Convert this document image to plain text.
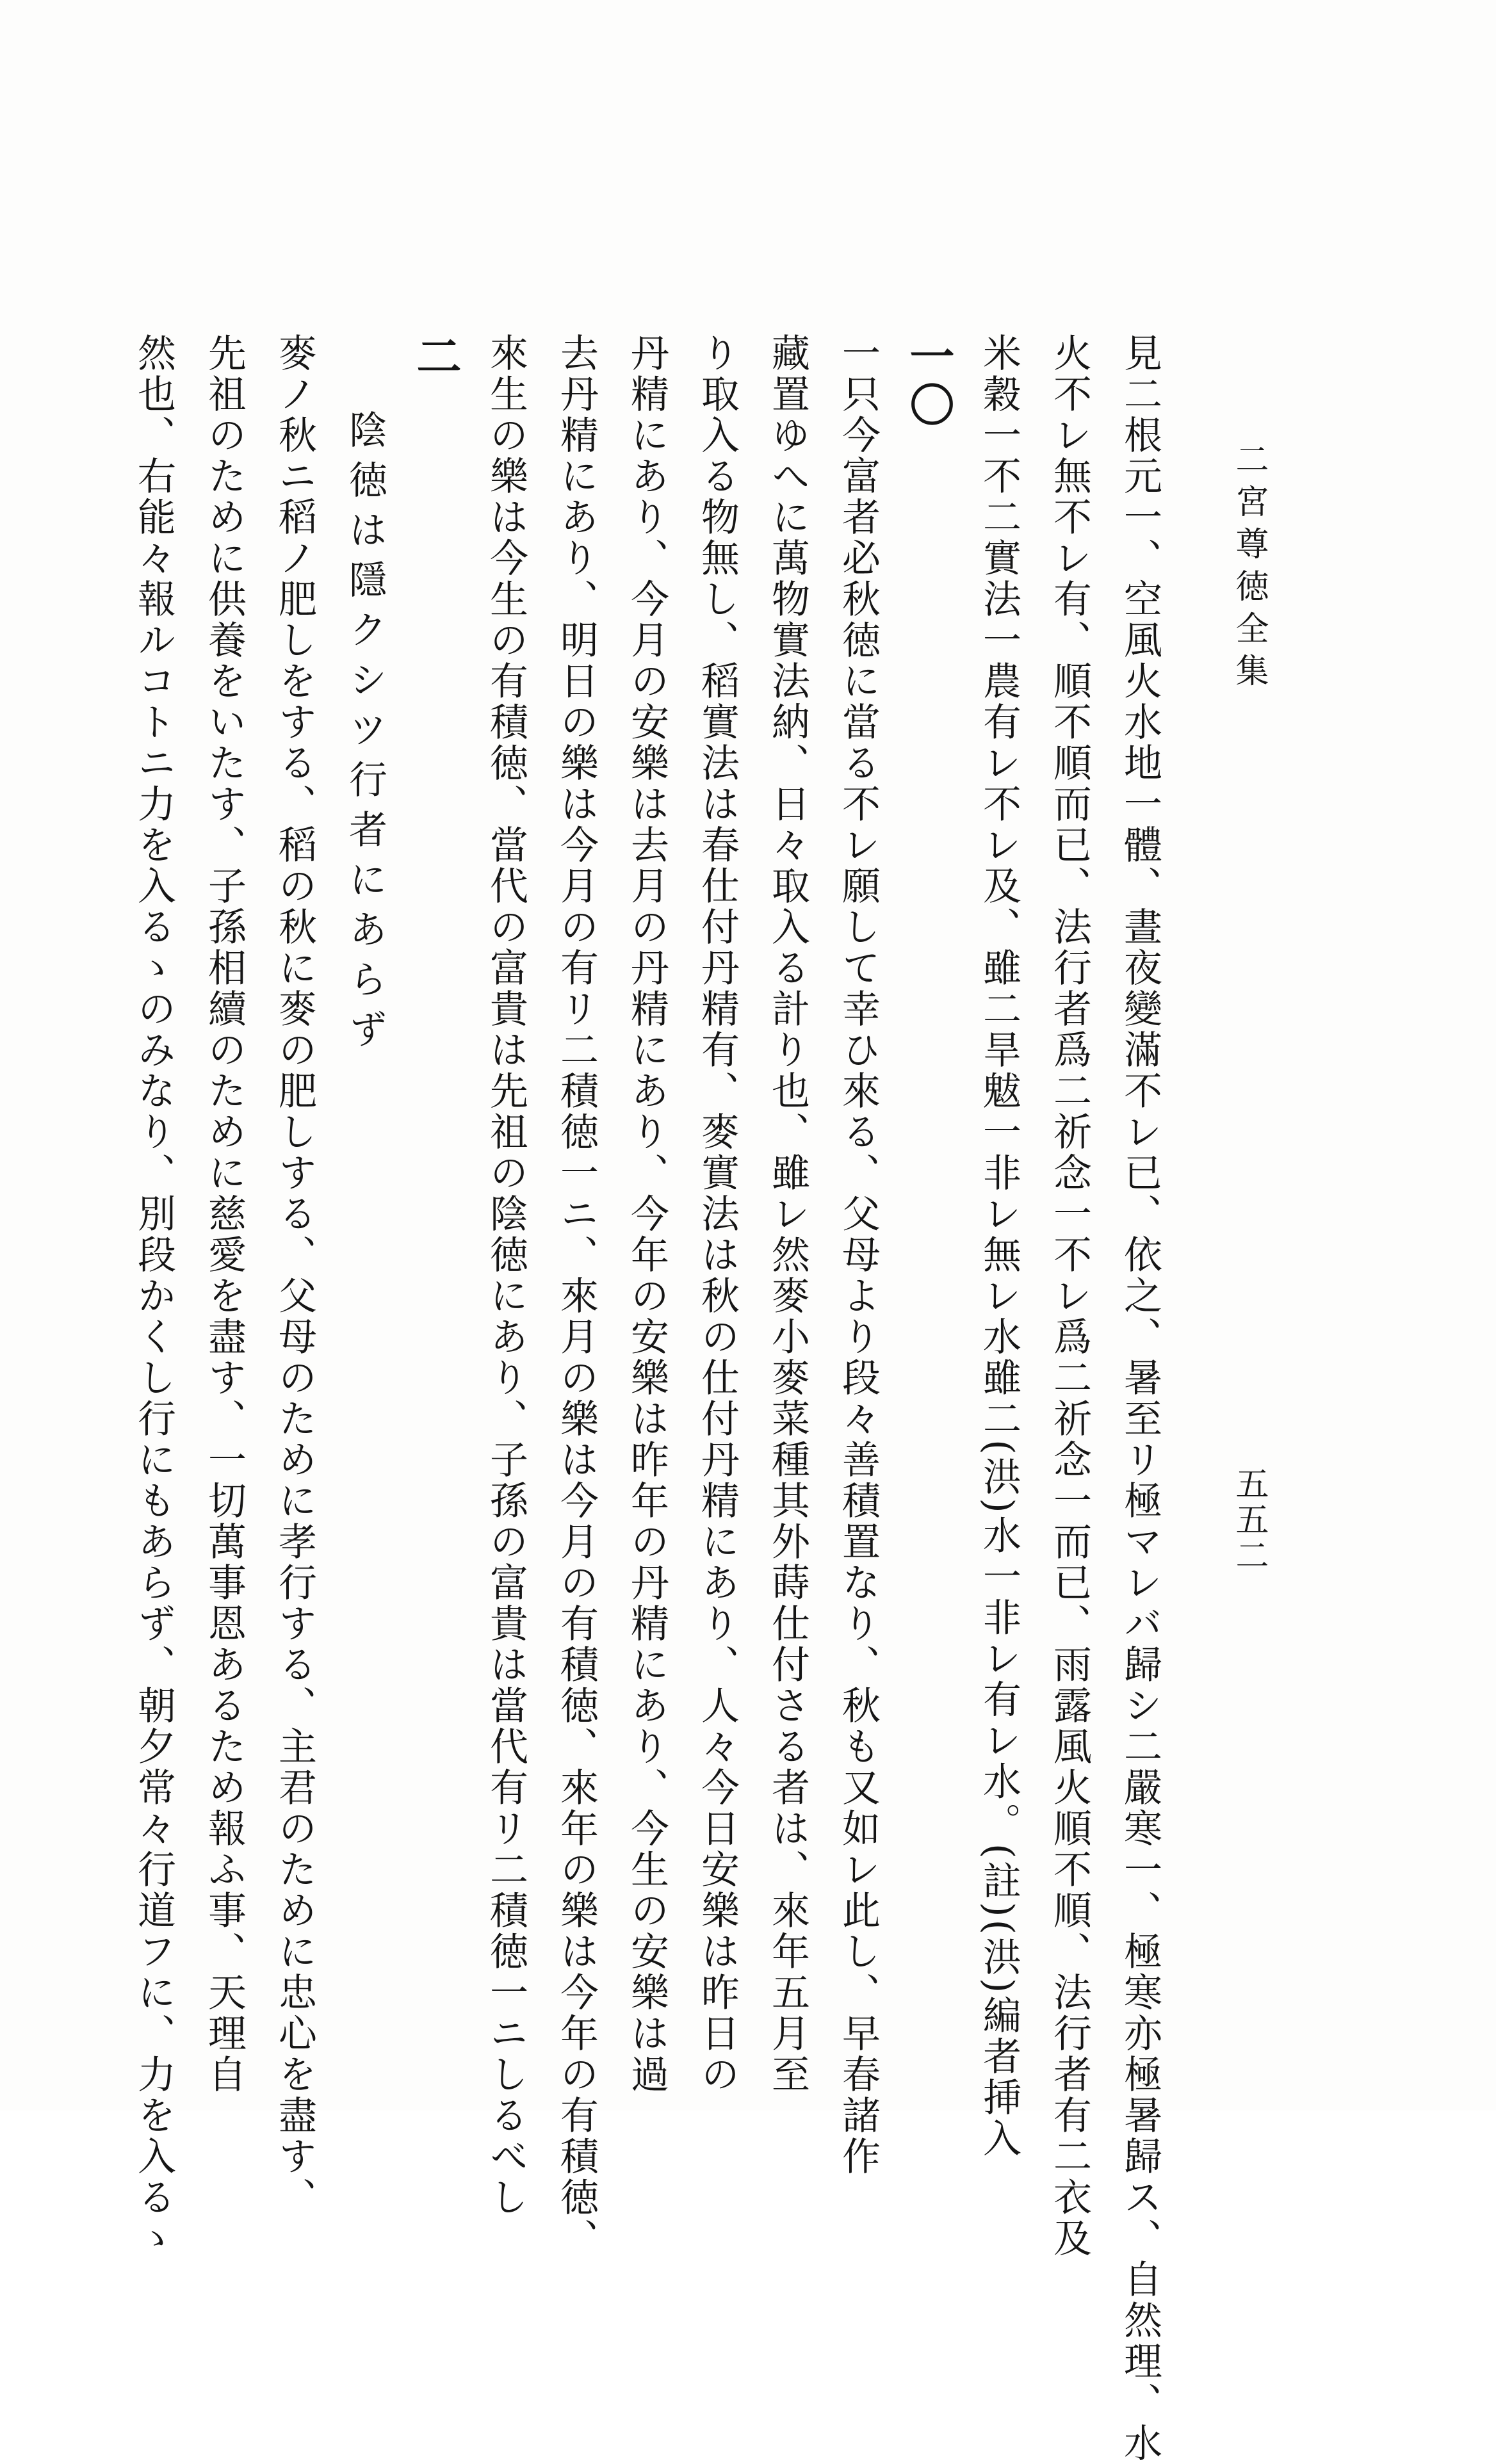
二宮尊徳全集
五五二
見二根元一、空風火水地一體、晝夜變滿不レ已、依之、暑至リ極マレバ歸シ二嚴寒一、極寒亦極暑歸ス、自然理、水
火不レ無不レ有、順不順而已、法行者爲二祈念一不レ爲二祈念一而已、雨露風火順不順、法行者有二衣及
米穀一不二實法一農有レ不レ及、雖二旱魃一非レ無レ水雖二(洪)水一非レ有レ水。(註)(洪)編者挿入
一〇
一只今富者必秋徳に當る不レ願して幸ひ來る、父母より段々善積置なり、秋も又如レ此し、早春諸作
藏置ゆへに萬物實法納、日々取入る計り也、雖レ然麥小麥菜種其外蒔仕付さる者は、來年五月至
り取入る物無し、稻實法は春仕付丹精有、麥實法は秋の仕付丹精にあり、人々今日安樂は昨日の
丹精にあり、今月の安樂は去月の丹精にあり、今年の安樂は昨年の丹精にあり、今生の安樂は過
去丹精にあり、明日の樂は今月の有リ二積徳一ニ、來月の樂は今月の有積徳、來年の樂は今年の有積徳、
來生の樂は今生の有積徳、當代の富貴は先祖の陰徳にあり、子孫の富貴は當代有リ二積徳一ニしるべし
二
陰徳は隱クシツ行者にあらず
麥ノ秋ニ稻ノ肥しをする、稻の秋に麥の肥しする、父母のために孝行する、主君のために忠心を盡す、
先祖のために供養をいたす、子孫相續のために慈愛を盡す、一切萬事恩あるため報ふ事、天理自
然也、右能々報ルコトニ力を入るゝのみなり、別段かくし行にもあらず、朝夕常々行道フに、力を入るゝ
